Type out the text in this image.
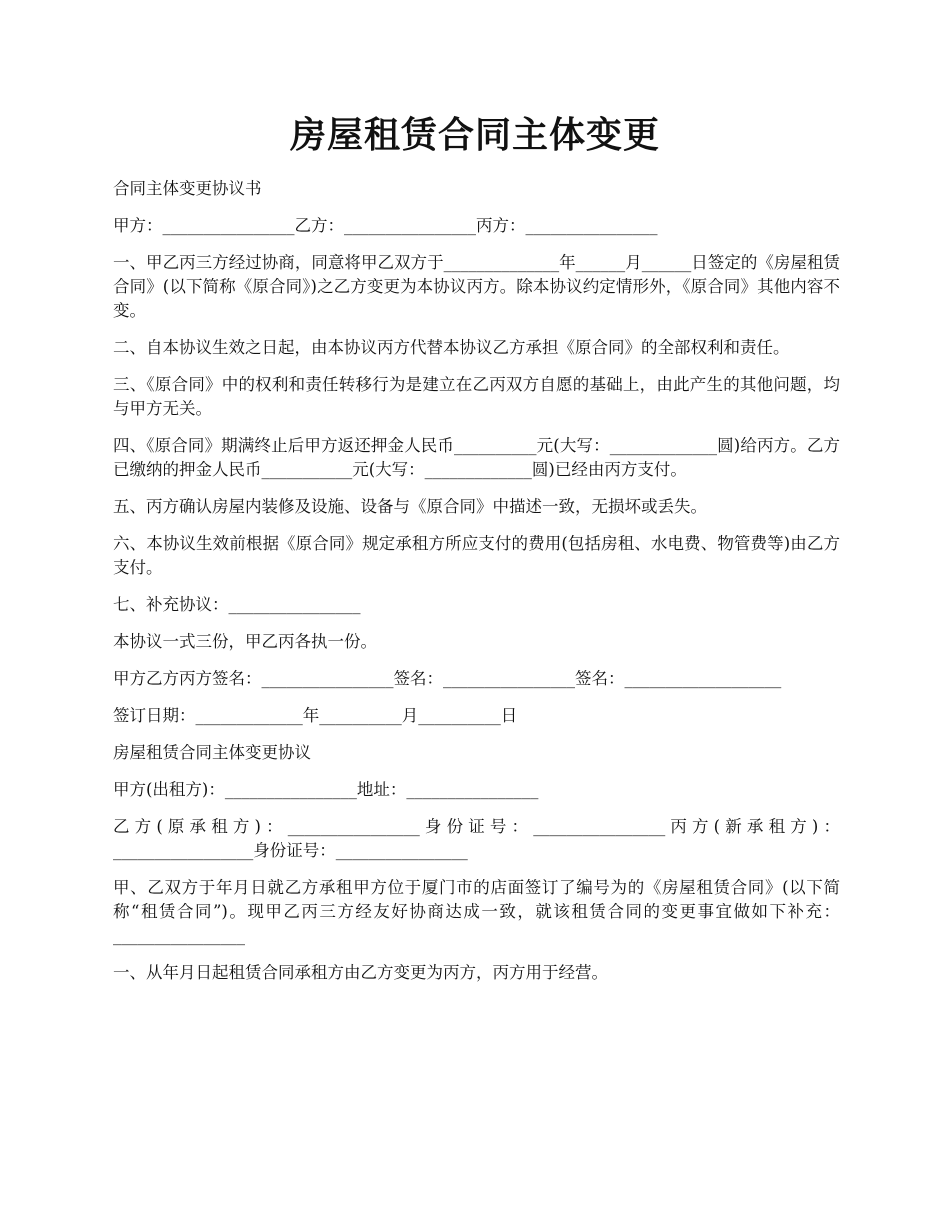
房屋租赁合同主体变更

合同主体变更协议书

甲方：________________乙方：________________丙方：________________

一、甲乙丙三方经过协商，同意将甲乙双方于______________年______月______日签定的《房屋租赁合同》(以下简称《原合同》)之乙方变更为本协议丙方。除本协议约定情形外，《原合同》其他内容不变。

二、自本协议生效之日起，由本协议丙方代替本协议乙方承担《原合同》的全部权利和责任。

三、《原合同》中的权利和责任转移行为是建立在乙丙双方自愿的基础上，由此产生的其他问题，均与甲方无关。

四、《原合同》期满终止后甲方返还押金人民币__________元(大写：_____________圆)给丙方。乙方已缴纳的押金人民币___________元(大写：_____________圆)已经由丙方支付。

五、丙方确认房屋内装修及设施、设备与《原合同》中描述一致，无损坏或丢失。

六、本协议生效前根据《原合同》规定承租方所应支付的费用(包括房租、水电费、物管费等)由乙方支付。

七、补充协议：________________

本协议一式三份，甲乙丙各执一份。

甲方乙方丙方签名：________________签名：________________签名：___________________

签订日期：_____________年__________月__________日

房屋租赁合同主体变更协议

甲方(出租方)：________________地址：________________

乙方(原承租方)：________________身份证号：________________丙方(新承租方)：_________________身份证号：________________

甲、乙双方于年月日就乙方承租甲方位于厦门市的店面签订了编号为的《房屋租赁合同》(以下简称“租赁合同”)。现甲乙丙三方经友好协商达成一致，就该租赁合同的变更事宜做如下补充：________________

一、从年月日起租赁合同承租方由乙方变更为丙方，丙方用于经营。
